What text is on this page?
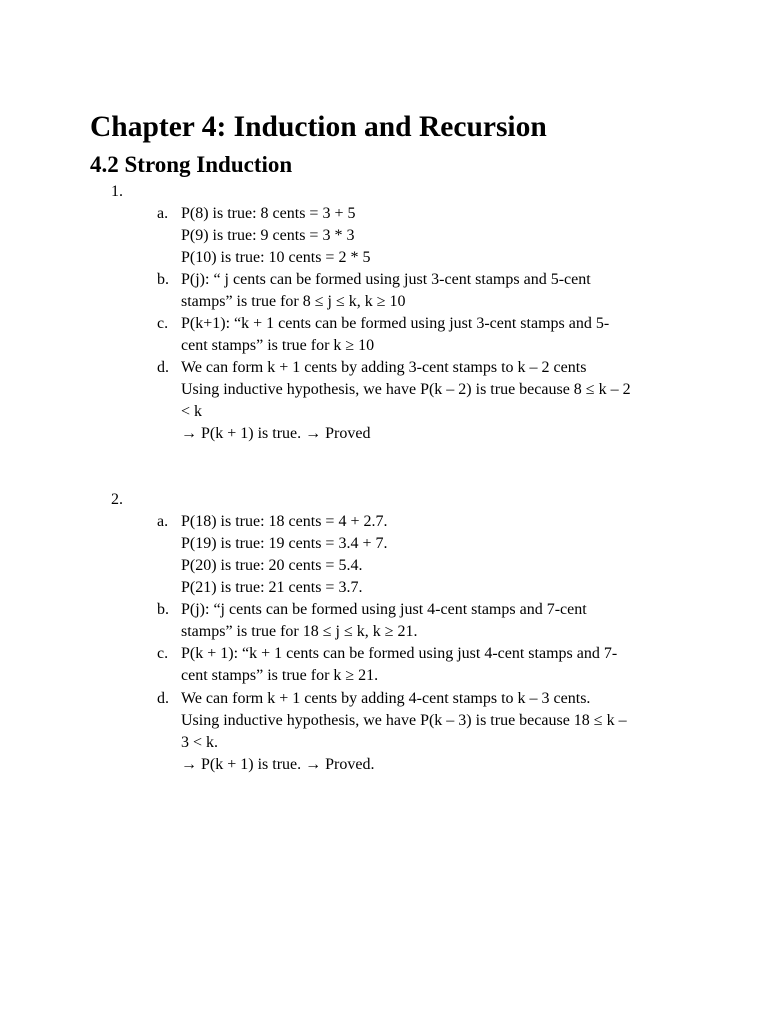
Chapter 4: Induction and Recursion
4.2 Strong Induction
1.
a. P(8) is true: 8 cents = 3 + 5
P(9) is true: 9 cents = 3 * 3
P(10) is true: 10 cents = 2 * 5
b. P(j): “ j cents can be formed using just 3-cent stamps and 5-cent
stamps” is true for 8 ≤ j ≤ k, k ≥ 10
c. P(k+1): “k + 1 cents can be formed using just 3-cent stamps and 5-
cent stamps” is true for k ≥ 10
d. We can form k + 1 cents by adding 3-cent stamps to k – 2 cents
Using inductive hypothesis, we have P(k – 2) is true because 8 ≤ k – 2
< k
→ P(k + 1) is true. → Proved
2.
a. P(18) is true: 18 cents = 4 + 2.7.
P(19) is true: 19 cents = 3.4 + 7.
P(20) is true: 20 cents = 5.4.
P(21) is true: 21 cents = 3.7.
b. P(j): “j cents can be formed using just 4-cent stamps and 7-cent
stamps” is true for 18 ≤ j ≤ k, k ≥ 21.
c. P(k + 1): “k + 1 cents can be formed using just 4-cent stamps and 7-
cent stamps” is true for k ≥ 21.
d. We can form k + 1 cents by adding 4-cent stamps to k – 3 cents.
Using inductive hypothesis, we have P(k – 3) is true because 18 ≤ k –
3 < k.
→ P(k + 1) is true. → Proved.
